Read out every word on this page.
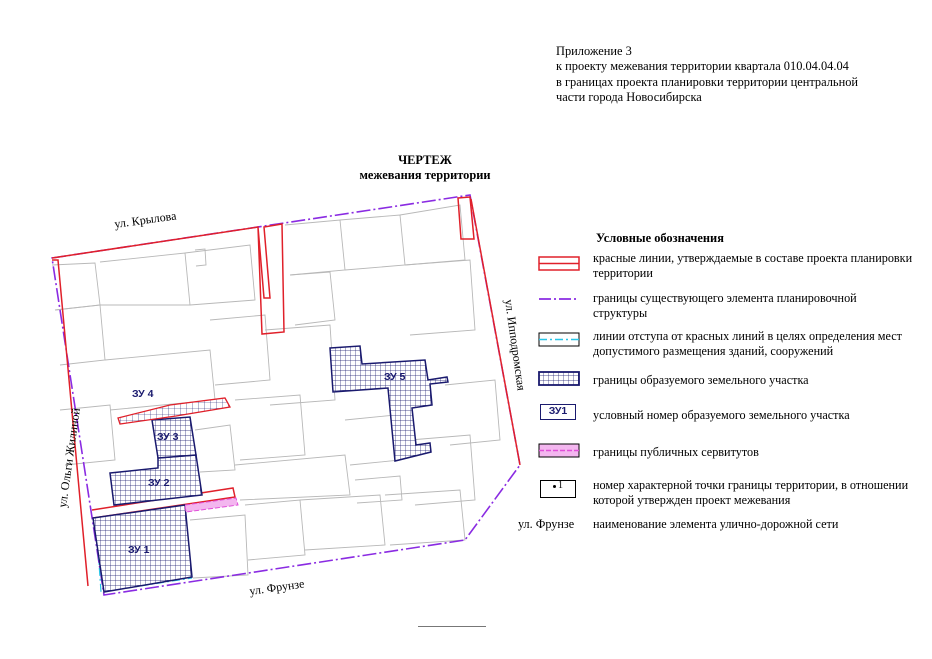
Приложение 3
к проекту межевания территории квартала 010.04.04.04
в границах проекта планировки территории центральной
части города Новосибирска
ЧЕРТЕЖ
межевания территории
ЗУ 4
ЗУ 3
ЗУ 2
ЗУ 1
ЗУ 5
ул. Крылова
ул. Ипподромская
ул. Ольги Жилиной
ул. Фрунзе
Условные обозначения
красные линии, утверждаемые в составе проекта планировки территории
границы существующего элемента планировочной структуры
линии отступа от красных линий в целях определения мест допустимого размещения зданий, сооружений
границы образуемого земельного участка
ЗУ1	условный номер образуемого земельного участка
границы публичных сервитутов
1 номер характерной точки границы территории, в отношении которой утвержден проект межевания
ул. Фрунзе наименование элемента улично-дорожной сети
